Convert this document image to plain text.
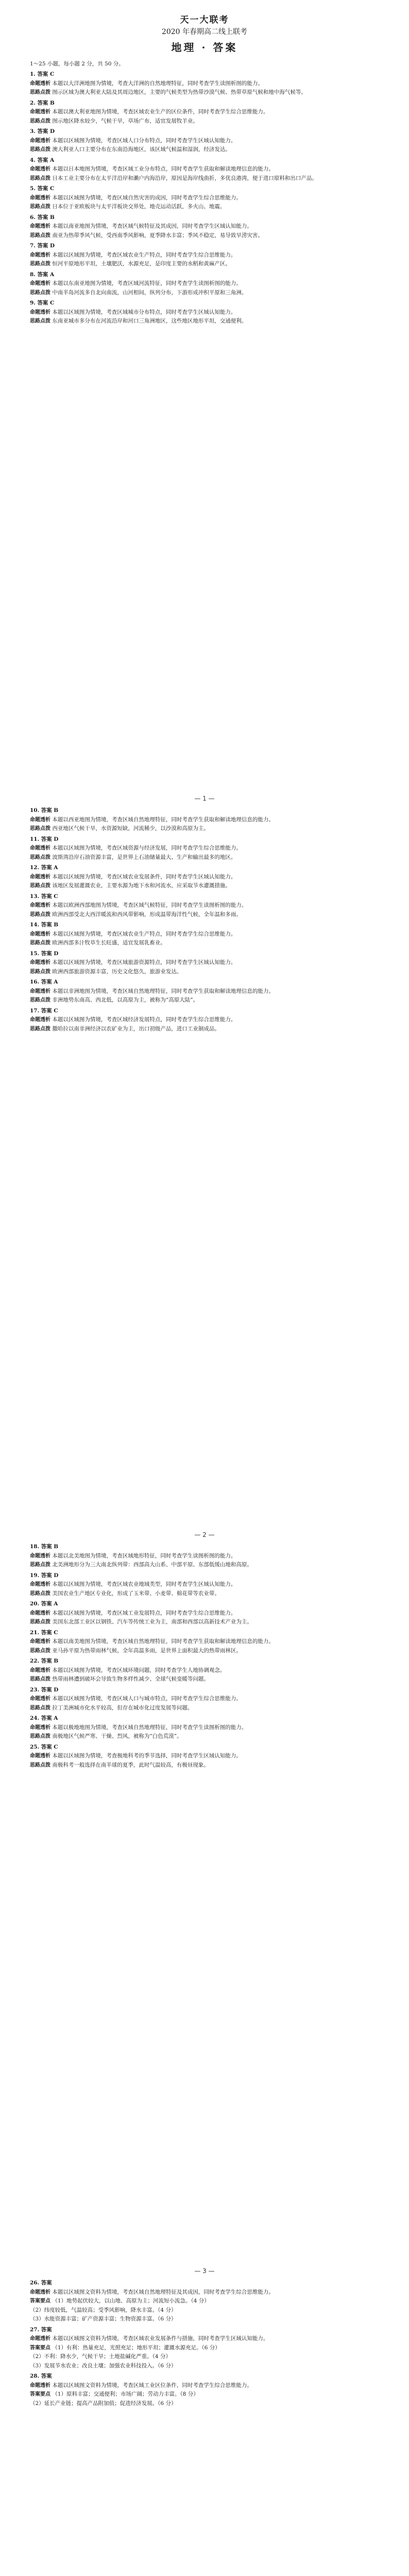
天一大联考
2020 年春期高二线上联考
地理 · 答案
1～25 小题，每小题 2 分，共 50 分。
1. 答案 C
命题透析 本题以大洋洲地图为情境，考查大洋洲的自然地理特征，同时考查学生读图析图的能力。
思路点拨 图示区域为澳大利亚大陆及其周边地区，主要的气候类型为热带沙漠气候、热带草原气候和地中海气候等。
2. 答案 B
命题透析 本题以澳大利亚地图为情境，考查区域农业生产的区位条件，同时考查学生综合思维能力。
思路点拨 图示地区降水较少，气候干旱，草场广布，适宜发展牧羊业。
3. 答案 D
命题透析 本题以区域图为情境，考查区域人口分布特点，同时考查学生区域认知能力。
思路点拨 澳大利亚人口主要分布在东南沿海地区，该区域气候温和湿润，经济发达。
4. 答案 A
命题透析 本题以日本地图为情境，考查区域工业分布特点，同时考查学生获取和解读地理信息的能力。
思路点拨 日本工业主要分布在太平洋沿岸和濑户内海沿岸，原因是海岸线曲折，多优良港湾，便于进口原料和出口产品。
5. 答案 C
命题透析 本题以区域图为情境，考查区域自然灾害的成因，同时考查学生综合思维能力。
思路点拨 日本位于亚欧板块与太平洋板块交界处，地壳运动活跃，多火山、地震。
6. 答案 B
命题透析 本题以南亚地图为情境，考查区域气候特征及其成因，同时考查学生区域认知能力。
思路点拨 南亚为热带季风气候，受西南季风影响，夏季降水丰富；季风不稳定，易导致旱涝灾害。
7. 答案 D
命题透析 本题以区域图为情境，考查区域农业生产特点，同时考查学生综合思维能力。
思路点拨 恒河平原地形平坦，土壤肥沃，水源充足，是印度主要的水稻和黄麻产区。
8. 答案 A
命题透析 本题以东南亚地图为情境，考查区域河流特征，同时考查学生读图析图的能力。
思路点拨 中南半岛河流多自北向南流，山河相间，纵列分布，下游形成冲积平原和三角洲。
9. 答案 C
命题透析 本题以区域图为情境，考查区域城市分布特点，同时考查学生区域认知能力。
思路点拨 东南亚城市多分布在河流沿岸和河口三角洲地区，这些地区地形平坦，交通便利。
— 1 —
10. 答案 B
命题透析 本题以西亚地图为情境，考查区域自然地理特征，同时考查学生获取和解读地理信息的能力。
思路点拨 西亚地区气候干旱，水资源短缺，河流稀少，以沙漠和高原为主。
11. 答案 D
命题透析 本题以区域图为情境，考查区域资源与经济发展，同时考查学生综合思维能力。
思路点拨 波斯湾沿岸石油资源丰富，是世界上石油储量最大、生产和输出最多的地区。
12. 答案 A
命题透析 本题以区域图为情境，考查区域农业发展条件，同时考查学生区域认知能力。
思路点拨 该地区发展灌溉农业，主要水源为地下水和河流水，应采取节水灌溉措施。
13. 答案 C
命题透析 本题以欧洲西部地图为情境，考查区域气候特征，同时考查学生读图析图的能力。
思路点拨 欧洲西部受北大西洋暖流和西风带影响，形成温带海洋性气候，全年温和多雨。
14. 答案 B
命题透析 本题以区域图为情境，考查区域农业生产特点，同时考查学生综合思维能力。
思路点拨 欧洲西部多汁牧草生长旺盛，适宜发展乳畜业。
15. 答案 D
命题透析 本题以区域图为情境，考查区域旅游资源特点，同时考查学生区域认知能力。
思路点拨 欧洲西部旅游资源丰富，历史文化悠久，旅游业发达。
16. 答案 A
命题透析 本题以非洲地图为情境，考查区域自然地理特征，同时考查学生获取和解读地理信息的能力。
思路点拨 非洲地势东南高、西北低，以高原为主，被称为“高原大陆”。
17. 答案 C
命题透析 本题以区域图为情境，考查区域经济发展特点，同时考查学生综合思维能力。
思路点拨 撒哈拉以南非洲经济以农矿业为主，出口初级产品，进口工业制成品。
— 2 —
18. 答案 B
命题透析 本题以北美地图为情境，考查区域地形特征，同时考查学生读图析图的能力。
思路点拨 北美洲地形分为三大南北纵列带：西部高大山系、中部平原、东部低缓山地和高原。
19. 答案 D
命题透析 本题以区域图为情境，考查区域农业地域类型，同时考查学生区域认知能力。
思路点拨 美国农业生产地区专业化，形成了玉米带、小麦带、棉花带等农业带。
20. 答案 A
命题透析 本题以区域图为情境，考查区域工业发展特点，同时考查学生综合思维能力。
思路点拨 美国东北部工业区以钢铁、汽车等传统工业为主，南部和西部以高新技术产业为主。
21. 答案 C
命题透析 本题以南美地图为情境，考查区域自然地理特征，同时考查学生获取和解读地理信息的能力。
思路点拨 亚马孙平原为热带雨林气候，全年高温多雨，是世界上面积最大的热带雨林区。
22. 答案 B
命题透析 本题以区域图为情境，考查区域环境问题，同时考查学生人地协调观念。
思路点拨 热带雨林遭到破坏会导致生物多样性减少、全球气候变暖等问题。
23. 答案 D
命题透析 本题以区域图为情境，考查区域人口与城市特点，同时考查学生综合思维能力。
思路点拨 拉丁美洲城市化水平较高，但存在城市化过度发展等问题。
24. 答案 A
命题透析 本题以极地地图为情境，考查区域自然地理特征，同时考查学生读图析图的能力。
思路点拨 南极地区气候严寒、干燥、烈风，被称为“白色荒漠”。
25. 答案 C
命题透析 本题以区域图为情境，考查极地科考的季节选择，同时考查学生区域认知能力。
思路点拨 南极科考一般选择在南半球的夏季，此时气温较高，有极昼现象。
— 3 —
26. 答案
命题透析 本题以区域图文资料为情境，考查区域自然地理特征及其成因，同时考查学生综合思维能力。
答案要点 （1）地势起伏较大，以山地、高原为主；河流短小流急。（4 分）
（2）纬度较低，气温较高；受季风影响，降水丰富。（4 分）
（3）水能资源丰富；矿产资源丰富；生物资源丰富。（6 分）
27. 答案
命题透析 本题以区域图文资料为情境，考查区域农业发展条件与措施，同时考查学生区域认知能力。
答案要点 （1）有利：热量充足，光照充足；地形平坦；灌溉水源充足。（6 分）
（2）不利：降水少，气候干旱；土地盐碱化严重。（4 分）
（3）发展节水农业；改良土壤；加强农业科技投入。（6 分）
28. 答案
命题透析 本题以区域图文资料为情境，考查区域工业区位条件，同时考查学生综合思维能力。
答案要点 （1）原料丰富；交通便利；市场广阔；劳动力丰富。（8 分）
（2）延长产业链；提高产品附加值；促进经济发展。（6 分）
